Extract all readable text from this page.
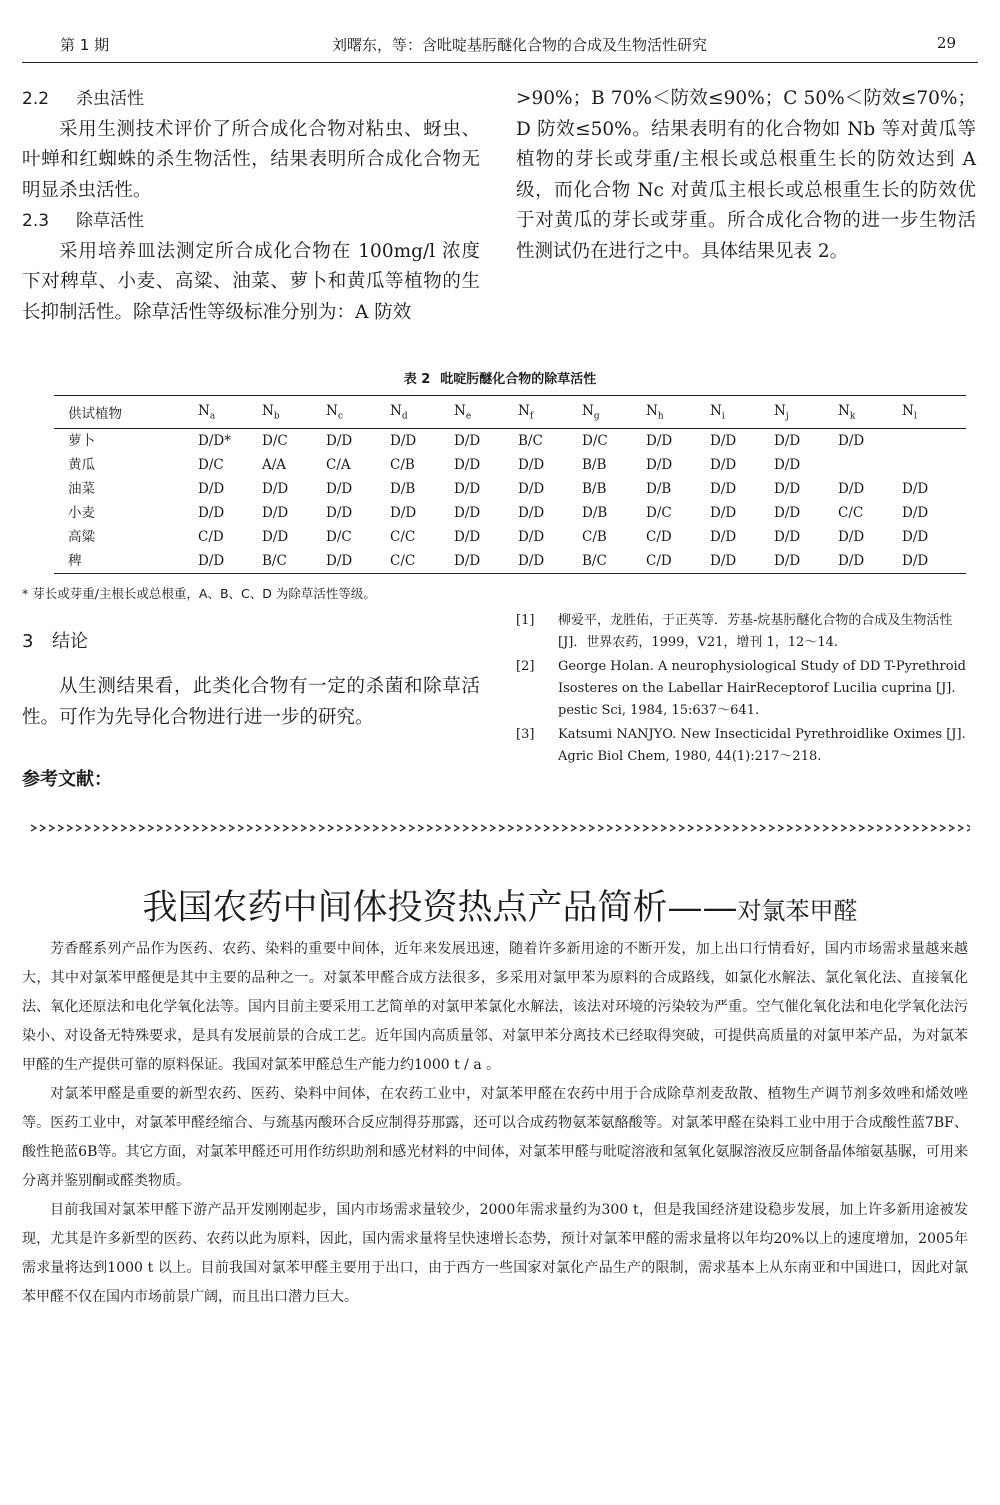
第 1 期	刘曙东，等：含吡啶基肟醚化合物的合成及生物活性研究	29

2.2 杀虫活性

采用生测技术评价了所合成化合物对粘虫、蚜虫、叶蝉和红蜘蛛的杀生物活性，结果表明所合成化合物无明显杀虫活性。

2.3 除草活性

采用培养皿法测定所合成化合物在 100mg/l 浓度下对稗草、小麦、高粱、油菜、萝卜和黄瓜等植物的生长抑制活性。除草活性等级标准分别为：A 防效

>90%；B 70%＜防效≤90%；C 50%＜防效≤70%；D 防效≤50%。结果表明有的化合物如 Nb 等对黄瓜等植物的芽长或芽重/主根长或总根重生长的防效达到 A 级，而化合物 Nc 对黄瓜主根长或总根重生长的防效优于对黄瓜的芽长或芽重。所合成化合物的进一步生物活性测试仍在进行之中。具体结果见表 2。

表 2 吡啶肟醚化合物的除草活性
供试植物	$N_a$	$N_b$	$N_c$	$N_d$	$N_e$	$N_f$	$N_g$	$N_h$	$N_i$	$N_j$	$N_k$	$N_l$
萝卜	D/D*	D/C	D/D	D/D	D/D	B/C	D/C	D/D	D/D	D/D	D/D	
黄瓜	D/C	A/A	C/A	C/B	D/D	D/D	B/B	D/D	D/D	D/D		
油菜	D/D	D/D	D/D	D/B	D/D	D/D	B/B	D/B	D/D	D/D	D/D	D/D
小麦	D/D	D/D	D/D	D/D	D/D	D/D	D/B	D/C	D/D	D/D	C/C	D/D
高粱	C/D	D/D	D/C	C/C	D/D	D/D	C/B	C/D	D/D	D/D	D/D	D/D
稗	D/D	B/C	D/D	C/C	D/D	D/D	B/C	C/D	D/D	D/D	D/D	D/D
* 芽长或芽重/主根长或总根重，A、B、C、D 为除草活性等级。
3 结论

从生测结果看，此类化合物有一定的杀菌和除草活性。可作为先导化合物进行进一步的研究。

参考文献：
[1] 柳爱平，龙胜佑，于正英等．芳基-烷基肟醚化合物的合成及生物活性[J]．世界农药，1999，V21，增刊 1，12～14.
[2] George Holan. A neurophysiological Study of DD T-Pyrethroid Isosteres on the Labellar HairReceptorof Lucilia cuprina [J]. pestic Sci, 1984, 15:637～641.
[3] Katsumi NANJYO. New Insecticidal Pyrethroidlike Oximes [J]. Agric Biol Chem, 1980, 44(1):217～218.
我国农药中间体投资热点产品简析——对氯苯甲醛

芳香醛系列产品作为医药、农药、染料的重要中间体，近年来发展迅速，随着许多新用途的不断开发，加上出口行情看好，国内市场需求量越来越大，其中对氯苯甲醛便是其中主要的品种之一。对氯苯甲醛合成方法很多，多采用对氯甲苯为原料的合成路线，如氯化水解法、氯化氧化法、直接氧化法、氧化还原法和电化学氧化法等。国内目前主要采用工艺简单的对氯甲苯氯化水解法，该法对环境的污染较为严重。空气催化氧化法和电化学氧化法污染小、对设备无特殊要求，是具有发展前景的合成工艺。近年国内高质量邻、对氯甲苯分离技术已经取得突破，可提供高质量的对氯甲苯产品，为对氯苯甲醛的生产提供可靠的原料保证。我国对氯苯甲醛总生产能力约1000 t / a 。

对氯苯甲醛是重要的新型农药、医药、染料中间体，在农药工业中，对氯苯甲醛在农药中用于合成除草剂麦敌散、植物生产调节剂多效唑和烯效唑等。医药工业中，对氯苯甲醛经缩合、与巯基丙酸环合反应制得芬那露，还可以合成药物氨苯氨酪酸等。对氯苯甲醛在染料工业中用于合成酸性蓝7BF、酸性艳蓝6B等。其它方面，对氯苯甲醛还可用作纺织助剂和感光材料的中间体，对氯苯甲醛与吡啶溶液和氢氧化氨脲溶液反应制备晶体缩氨基脲，可用来分离并鉴别酮或醛类物质。

目前我国对氯苯甲醛下游产品开发刚刚起步，国内市场需求量较少，2000年需求量约为300 t，但是我国经济建设稳步发展，加上许多新用途被发现，尤其是许多新型的医药、农药以此为原料，因此，国内需求量将呈快速增长态势，预计对氯苯甲醛的需求量将以年均20%以上的速度增加，2005年需求量将达到1000 t 以上。目前我国对氯苯甲醛主要用于出口，由于西方一些国家对氯化产品生产的限制，需求基本上从东南亚和中国进口，因此对氯苯甲醛不仅在国内市场前景广阔，而且出口潜力巨大。
